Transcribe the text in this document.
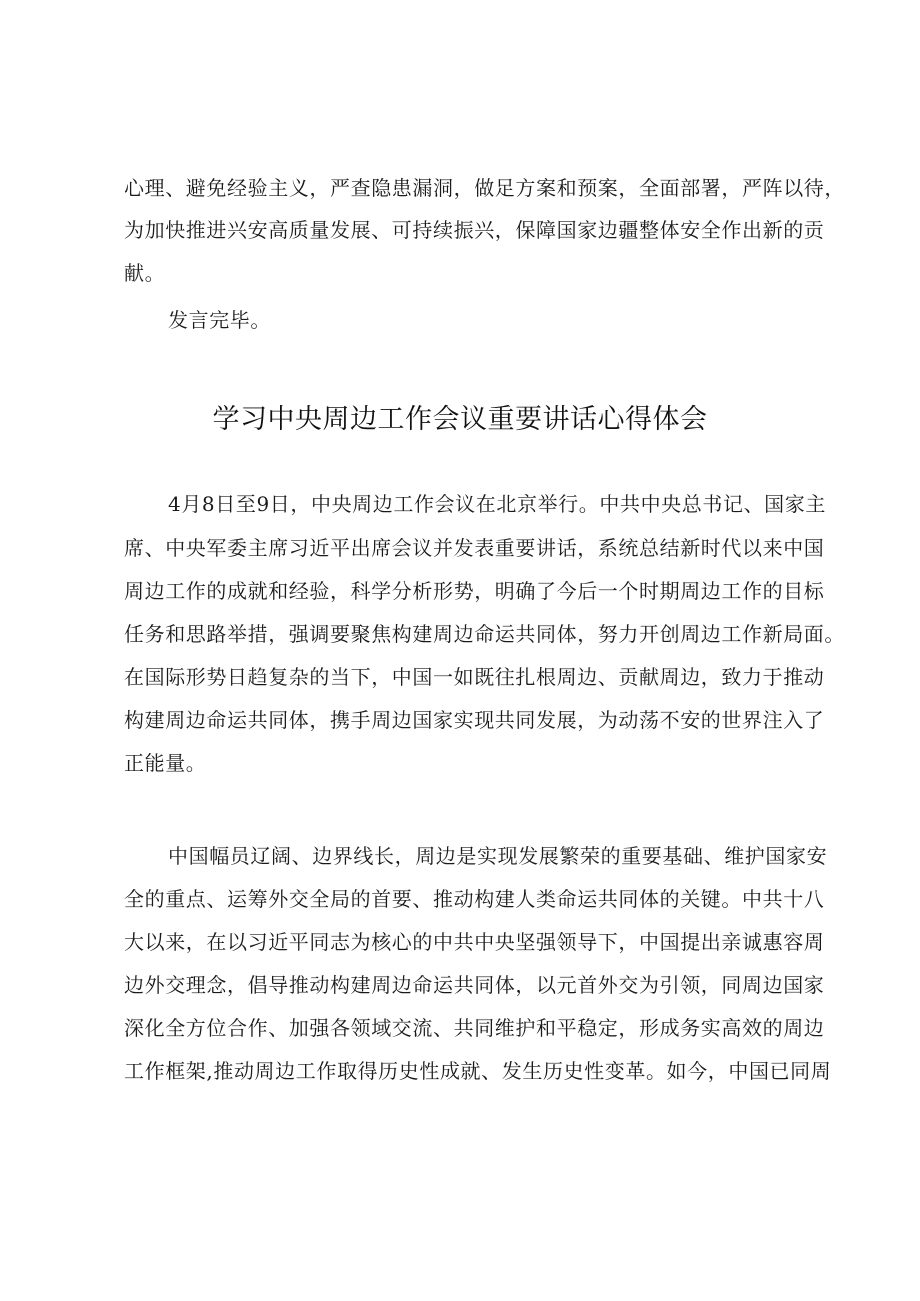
心理、避免经验主义，严查隐患漏洞，做足方案和预案，全面部署，严阵以待，
为加快推进兴安高质量发展、可持续振兴，保障国家边疆整体安全作出新的贡
献。
发言完毕。
学习中央周边工作会议重要讲话心得体会
4月8日至9日，中央周边工作会议在北京举行。中共中央总书记、国家主
席、中央军委主席习近平出席会议并发表重要讲话，系统总结新时代以来中国
周边工作的成就和经验，科学分析形势，明确了今后一个时期周边工作的目标
任务和思路举措，强调要聚焦构建周边命运共同体，努力开创周边工作新局面。
在国际形势日趋复杂的当下，中国一如既往扎根周边、贡献周边，致力于推动
构建周边命运共同体，携手周边国家实现共同发展，为动荡不安的世界注入了
正能量。
中国幅员辽阔、边界线长，周边是实现发展繁荣的重要基础、维护国家安
全的重点、运筹外交全局的首要、推动构建人类命运共同体的关键。中共十八
大以来，在以习近平同志为核心的中共中央坚强领导下，中国提出亲诚惠容周
边外交理念，倡导推动构建周边命运共同体，以元首外交为引领，同周边国家
深化全方位合作、加强各领域交流、共同维护和平稳定，形成务实高效的周边
工作框架,推动周边工作取得历史性成就、发生历史性变革。如今，中国已同周
